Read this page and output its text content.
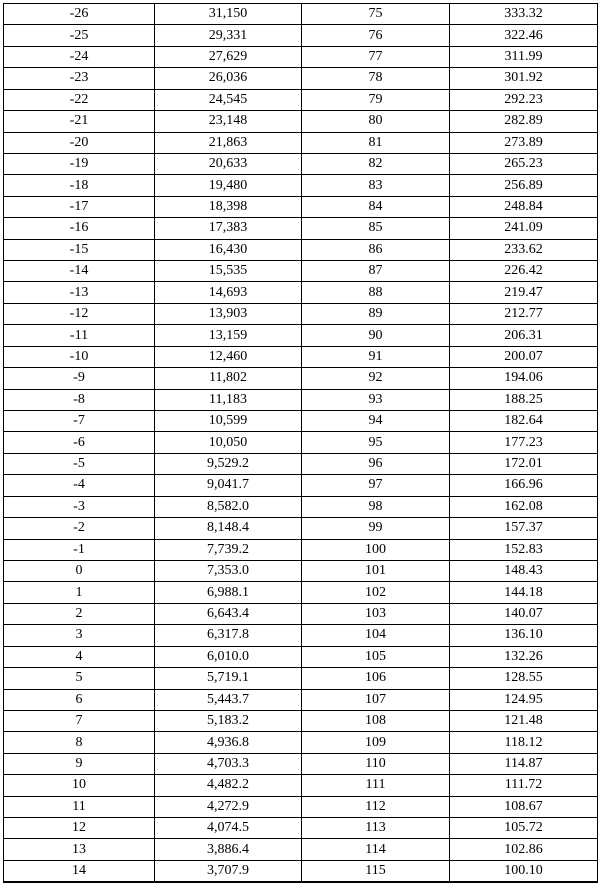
-26	31,150	75	333.32
-25	29,331	76	322.46
-24	27,629	77	311.99
-23	26,036	78	301.92
-22	24,545	79	292.23
-21	23,148	80	282.89
-20	21,863	81	273.89
-19	20,633	82	265.23
-18	19,480	83	256.89
-17	18,398	84	248.84
-16	17,383	85	241.09
-15	16,430	86	233.62
-14	15,535	87	226.42
-13	14,693	88	219.47
-12	13,903	89	212.77
-11	13,159	90	206.31
-10	12,460	91	200.07
-9	11,802	92	194.06
-8	11,183	93	188.25
-7	10,599	94	182.64
-6	10,050	95	177.23
-5	9,529.2	96	172.01
-4	9,041.7	97	166.96
-3	8,582.0	98	162.08
-2	8,148.4	99	157.37
-1	7,739.2	100	152.83
0	7,353.0	101	148.43
1	6,988.1	102	144.18
2	6,643.4	103	140.07
3	6,317.8	104	136.10
4	6,010.0	105	132.26
5	5,719.1	106	128.55
6	5,443.7	107	124.95
7	5,183.2	108	121.48
8	4,936.8	109	118.12
9	4,703.3	110	114.87
10	4,482.2	111	111.72
11	4,272.9	112	108.67
12	4,074.5	113	105.72
13	3,886.4	114	102.86
14	3,707.9	115	100.10
